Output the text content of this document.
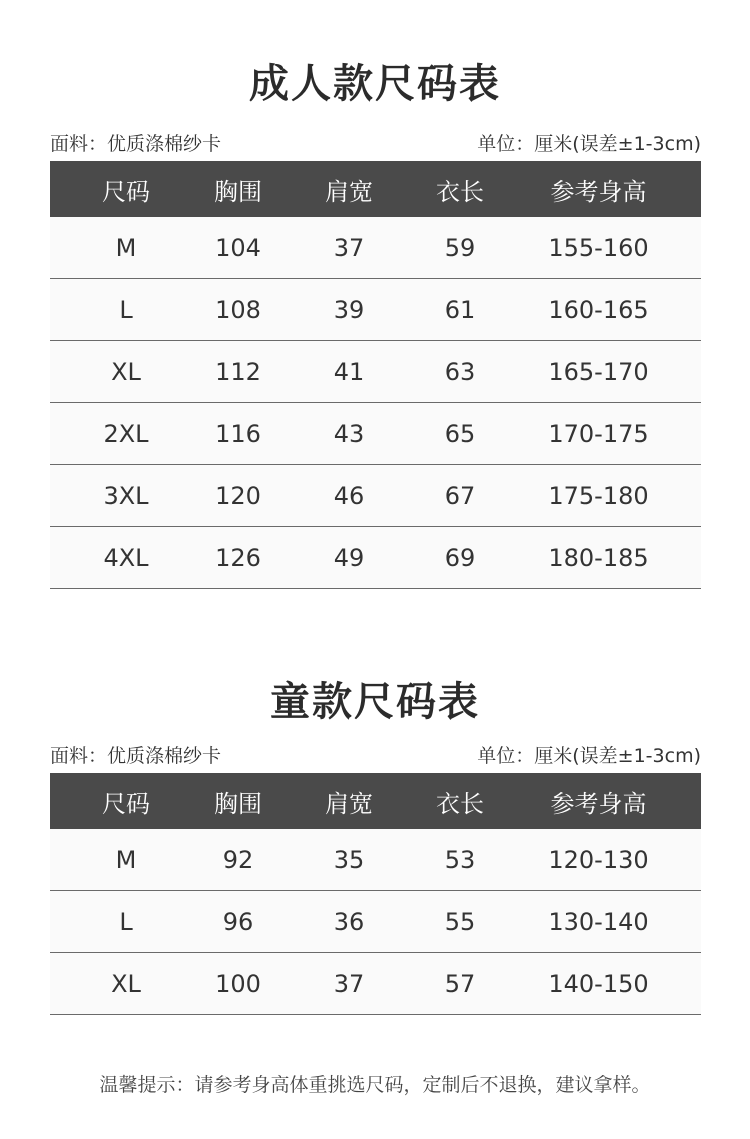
成人款尺码表
面料：优质涤棉纱卡	单位：厘米(误差±1-3cm)
尺码	胸围	肩宽	衣长	参考身高
M	104	37	59	155-160
L	108	39	61	160-165
XL	112	41	63	165-170
2XL	116	43	65	170-175
3XL	120	46	67	175-180
4XL	126	49	69	180-185
童款尺码表
面料：优质涤棉纱卡	单位：厘米(误差±1-3cm)
尺码	胸围	肩宽	衣长	参考身高
M	92	35	53	120-130
L	96	36	55	130-140
XL	100	37	57	140-150
温馨提示：请参考身高体重挑选尺码，定制后不退换，建议拿样。
